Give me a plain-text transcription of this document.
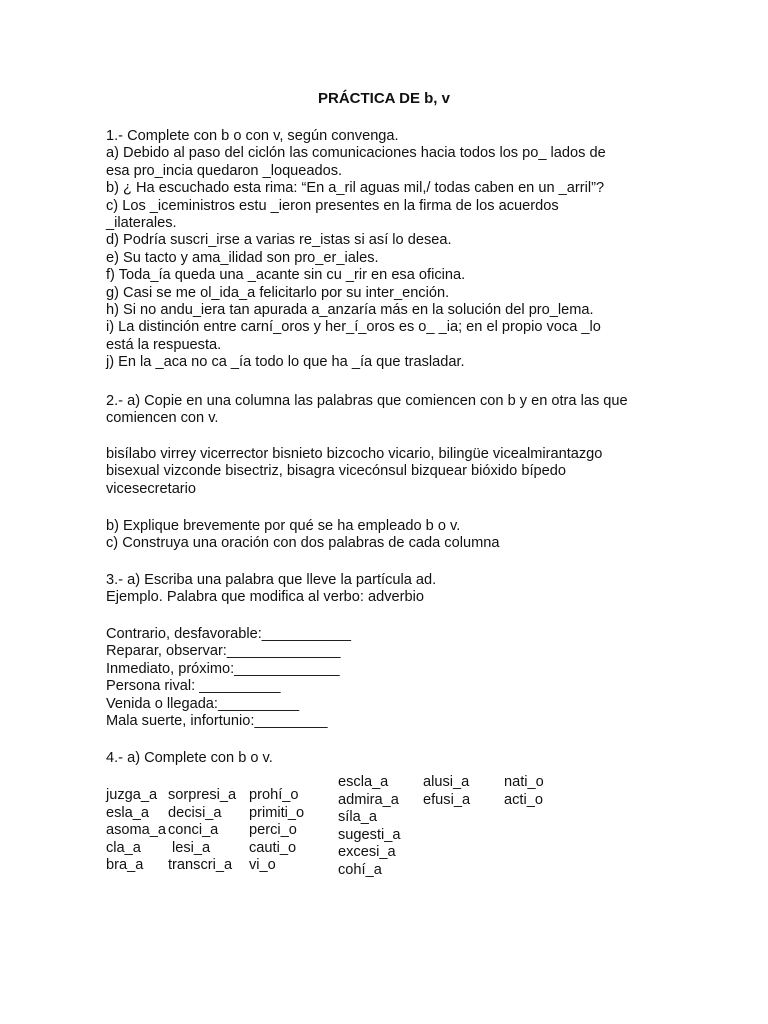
PRÁCTICA DE b, v
1.- Complete con b o con v, según convenga.
a) Debido al paso del ciclón las comunicaciones hacia todos los po_ lados de
esa pro_incia quedaron _loqueados.
b) ¿ Ha escuchado esta rima: “En a_ril aguas mil,/ todas caben en un _arril”?
c) Los _iceministros estu _ieron presentes en la firma de los acuerdos
_ilaterales.
d) Podría suscri_irse a varias re_istas si así lo desea.
e) Su tacto y ama_ilidad son pro_er_iales.
f) Toda_ía queda una _acante sin cu _rir en esa oficina.
g) Casi se me ol_ida_a felicitarlo por su inter_ención.
h) Si no andu_iera tan apurada a_anzaría más en la solución del pro_lema.
i) La distinción entre carní_oros y her_í_oros es o_ _ia; en el propio voca _lo
está la respuesta.
j) En la _aca no ca _ía todo lo que ha _ía que trasladar.
2.- a) Copie en una columna las palabras que comiencen con b y en otra las que
comiencen con v.
bisílabo virrey vicerrector bisnieto bizcocho vicario, bilingüe vicealmirantazgo
bisexual vizconde bisectriz, bisagra vicecónsul bizquear bióxido bípedo
vicesecretario
b) Explique brevemente por qué se ha empleado b o v.
c) Construya una oración con dos palabras de cada columna
3.- a) Escriba una palabra que lleve la partícula ad.
Ejemplo. Palabra que modifica al verbo: adverbio
Contrario, desfavorable:___________
Reparar, observar:______________
Inmediato, próximo:_____________
Persona rival: __________
Venida o llegada:__________
Mala suerte, infortunio:_________
4.- a) Complete con b o v.
juzga_a
esla_a
asoma_a
cla_a
bra_a
sorpresi_a
decisi_a
conci_a
lesi_a
transcri_a
prohí_o
primiti_o
perci_o
cauti_o
vi_o
escla_a
admira_a
síla_a
sugesti_a
excesi_a
cohí_a
alusi_a
efusi_a
nati_o
acti_o
